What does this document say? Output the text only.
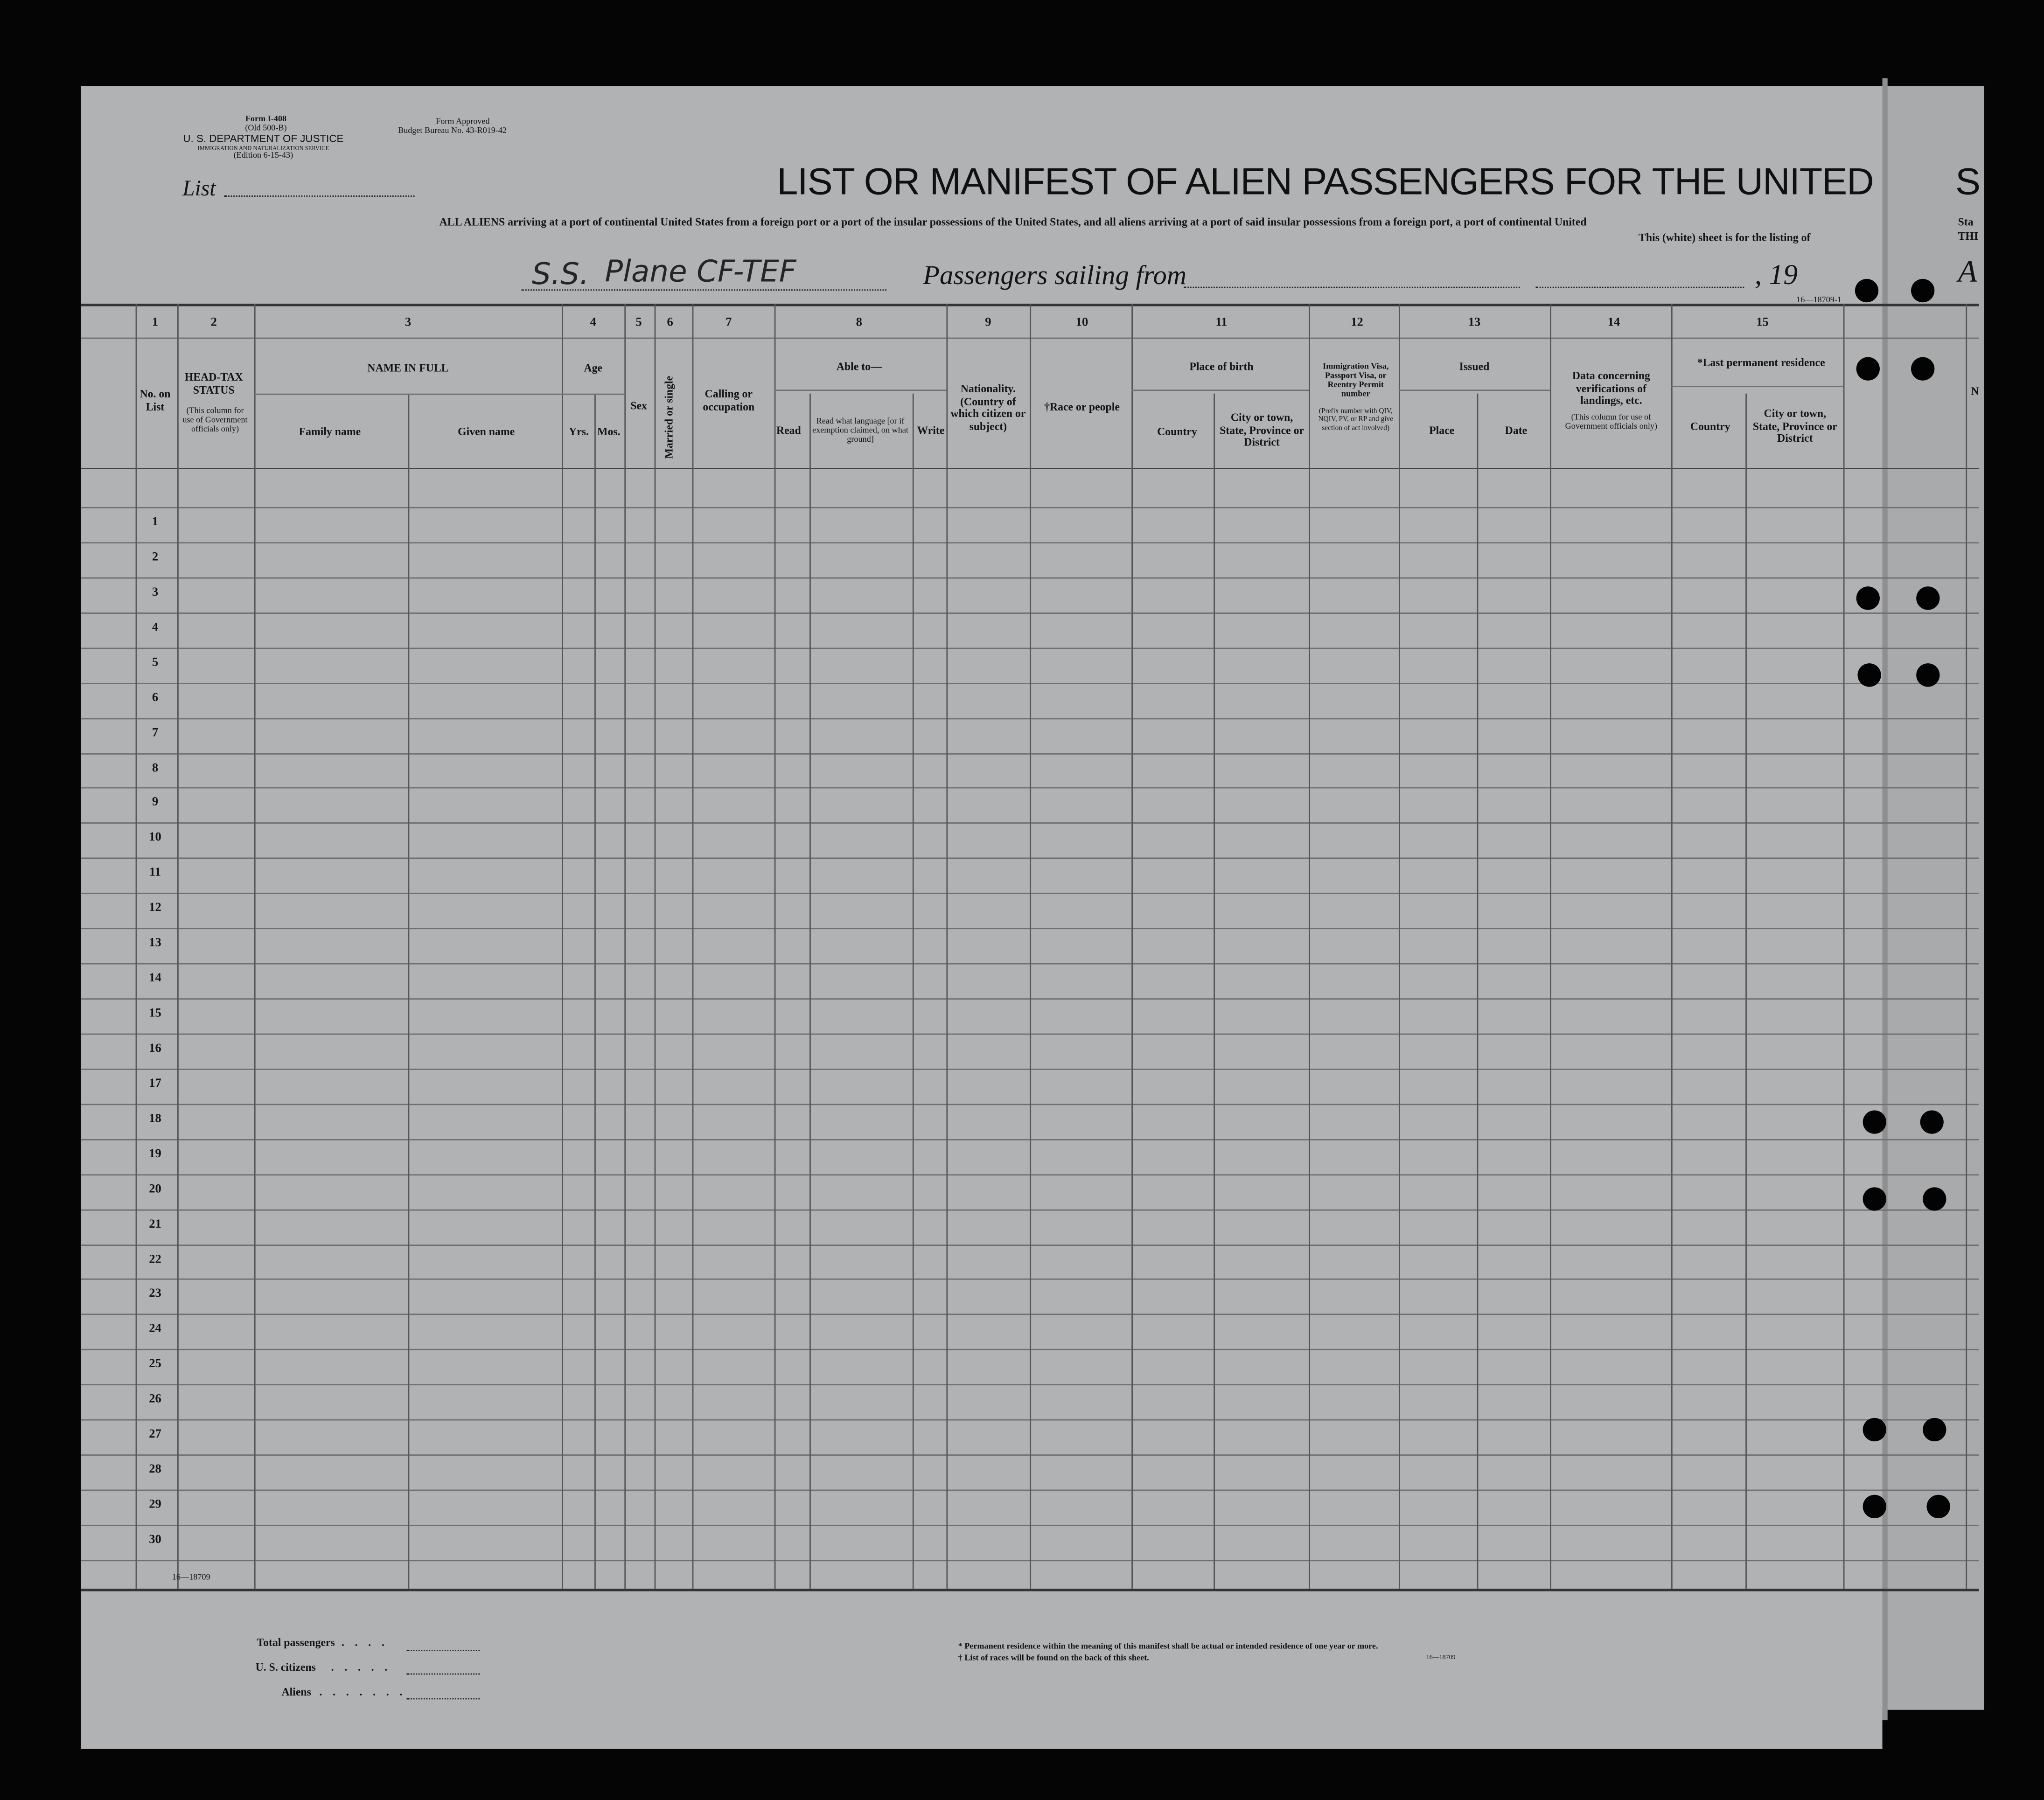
Form I-408
(Old 500-B)
U. S. DEPARTMENT OF JUSTICE
IMMIGRATION AND NATURALIZATION SERVICE
(Edition 6-15-43)
Form Approved
Budget Bureau No. 43-R019-42
List	LIST OR MANIFEST OF ALIEN PASSENGERS FOR THE UNITED
ALL ALIENS arriving at a port of continental United States from a foreign port or a port of the insular possessions of the United States, and all aliens arriving at a port of said insular possessions from a foreign port, a port of continental United
This (white) sheet is for the listing of
S.S. Plane CF-TEF	Passengers sailing from	, 19
16—18709-1
1	2	3	4	5	6	7	8	9	10	11	12	13	14	15
No. on List
HEAD-TAX STATUS
(This column for use of Government officials only)
NAME IN FULL
Family name	Given name
Age
Yrs.	Mos.
Sex	Married or single	Calling or occupation
Able to—
Read
Read what language [or if exemption claimed, on what ground]
Write
Nationality. (Country of which citizen or subject)
†Race or people
Place of birth
Country
City or town, State, Province or District
Immigration Visa, Passport Visa, or Reentry Permit number
(Prefix number with QIV, NQIV, PV, or RP and give section of act involved)
Issued
Place	Date
Data concerning verifications of landings, etc.
(This column for use of Government officials only)
*Last permanent residence
Country
City or town, State, Province or District
1
2
3
4
5
6
7
8
9
10
11
12
13
14
15
16
17
18
19
20
21
22
23
24
25
26
27
28
29
30
16—18709
Total passengers . . . .
U. S. citizens	. . . . .
Aliens . . . . . . .
* Permanent residence within the meaning of this manifest shall be actual or intended residence of one year or more.
† List of races will be found on the back of this sheet.	16—18709
S
Sta
THI
A
N
